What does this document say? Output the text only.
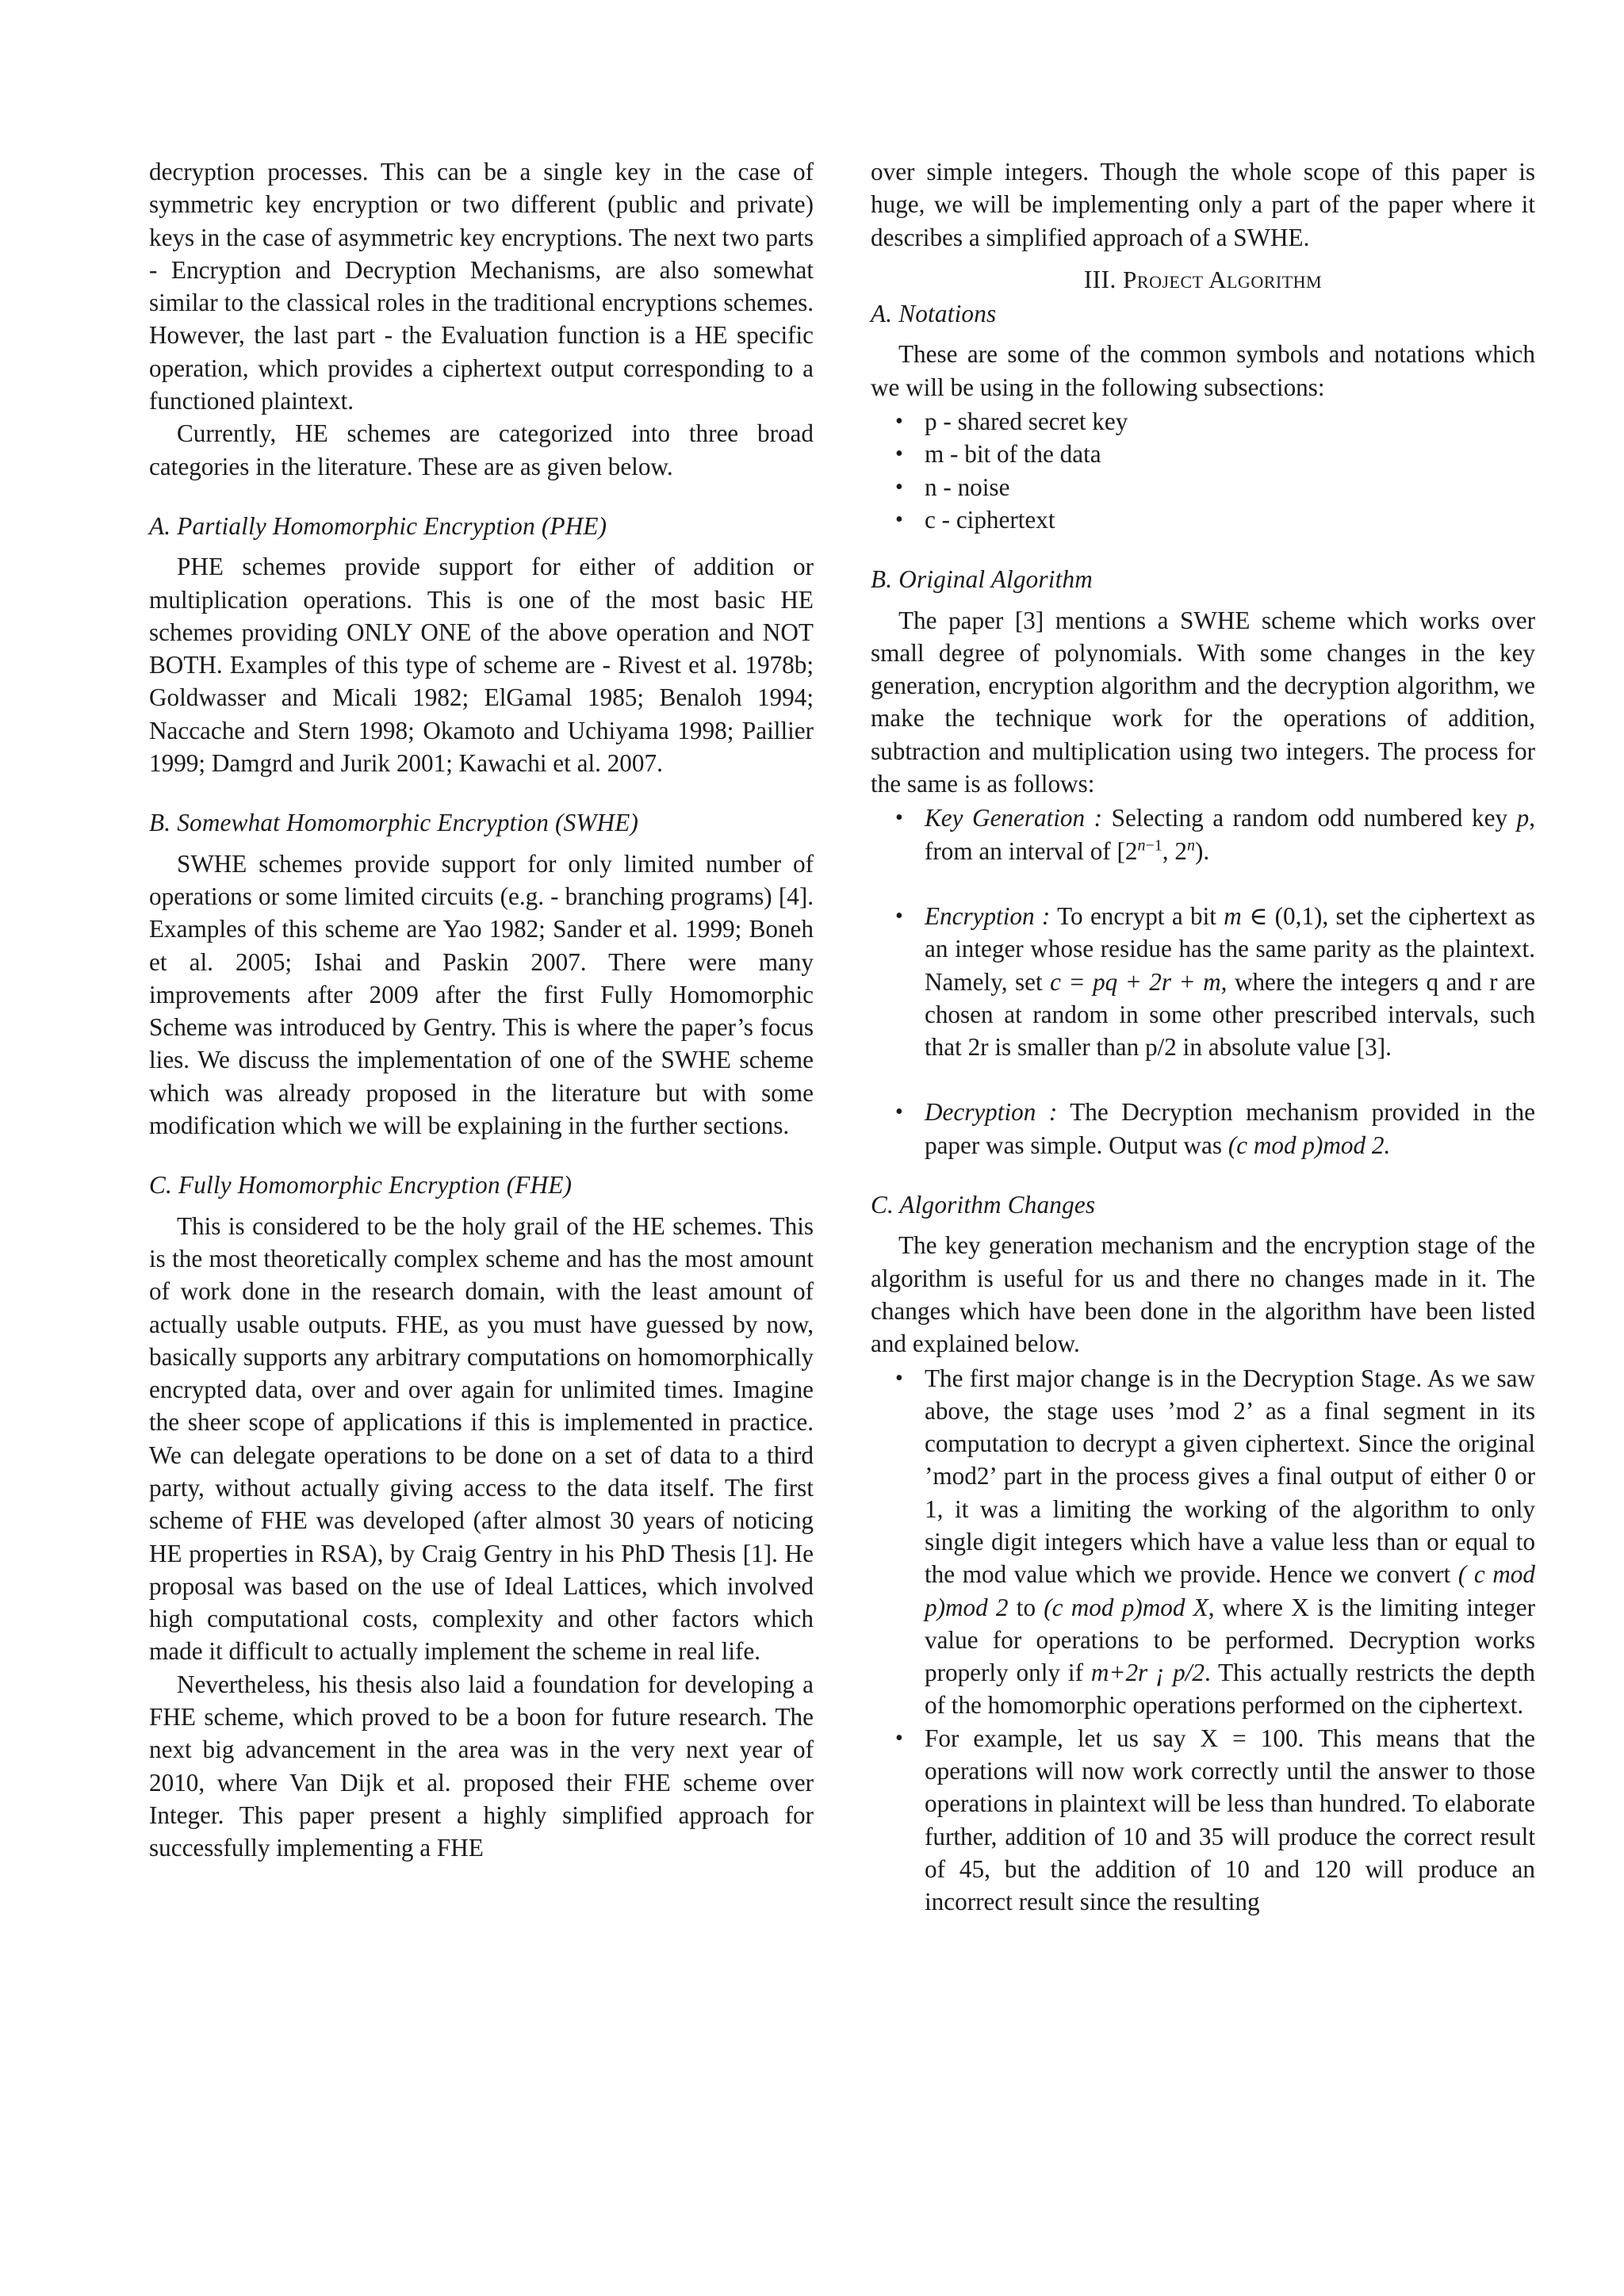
decryption processes. This can be a single key in the case of symmetric key encryption or two different (public and private) keys in the case of asymmetric key encryptions. The next two parts - Encryption and Decryption Mechanisms, are also somewhat similar to the classical roles in the traditional encryptions schemes. However, the last part - the Evaluation function is a HE specific operation, which provides a ciphertext output corresponding to a functioned plaintext.

Currently, HE schemes are categorized into three broad categories in the literature. These are as given below.

A. Partially Homomorphic Encryption (PHE)

PHE schemes provide support for either of addition or multiplication operations. This is one of the most basic HE schemes providing ONLY ONE of the above operation and NOT BOTH. Examples of this type of scheme are - Rivest et al. 1978b; Goldwasser and Micali 1982; ElGamal 1985; Benaloh 1994; Naccache and Stern 1998; Okamoto and Uchiyama 1998; Paillier 1999; Damgrd and Jurik 2001; Kawachi et al. 2007.

B. Somewhat Homomorphic Encryption (SWHE)

SWHE schemes provide support for only limited number of operations or some limited circuits (e.g. - branching programs) [4]. Examples of this scheme are Yao 1982; Sander et al. 1999; Boneh et al. 2005; Ishai and Paskin 2007. There were many improvements after 2009 after the first Fully Homomorphic Scheme was introduced by Gentry. This is where the paper’s focus lies. We discuss the implementation of one of the SWHE scheme which was already proposed in the literature but with some modification which we will be explaining in the further sections.

C. Fully Homomorphic Encryption (FHE)

This is considered to be the holy grail of the HE schemes. This is the most theoretically complex scheme and has the most amount of work done in the research domain, with the least amount of actually usable outputs. FHE, as you must have guessed by now, basically supports any arbitrary computations on homomorphically encrypted data, over and over again for unlimited times. Imagine the sheer scope of applications if this is implemented in practice. We can delegate operations to be done on a set of data to a third party, without actually giving access to the data itself. The first scheme of FHE was developed (after almost 30 years of noticing HE properties in RSA), by Craig Gentry in his PhD Thesis [1]. He proposal was based on the use of Ideal Lattices, which involved high computational costs, complexity and other factors which made it difficult to actually implement the scheme in real life.

Nevertheless, his thesis also laid a foundation for developing a FHE scheme, which proved to be a boon for future research. The next big advancement in the area was in the very next year of 2010, where Van Dijk et al. proposed their FHE scheme over Integer. This paper present a highly simplified approach for successfully implementing a FHE

over simple integers. Though the whole scope of this paper is huge, we will be implementing only a part of the paper where it describes a simplified approach of a SWHE.

III. Project Algorithm
A. Notations

These are some of the common symbols and notations which we will be using in the following subsections:

• p - shared secret key
• m - bit of the data
• n - noise
• c - ciphertext
B. Original Algorithm

The paper [3] mentions a SWHE scheme which works over small degree of polynomials. With some changes in the key generation, encryption algorithm and the decryption algorithm, we make the technique work for the operations of addition, subtraction and multiplication using two integers. The process for the same is as follows:

• Key Generation : Selecting a random odd numbered key p, from an interval of [$2^{n-1}$, 2$^n$).
• Encryption : To encrypt a bit m ∈ (0,1), set the ciphertext as an integer whose residue has the same parity as the plaintext. Namely, set c = pq + 2r + m, where the integers q and r are chosen at random in some other prescribed intervals, such that 2r is smaller than p/2 in absolute value [3].
• Decryption : The Decryption mechanism provided in the paper was simple. Output was (c mod p)mod 2.
C. Algorithm Changes

The key generation mechanism and the encryption stage of the algorithm is useful for us and there no changes made in it. The changes which have been done in the algorithm have been listed and explained below.

• The first major change is in the Decryption Stage. As we saw above, the stage uses ’mod 2’ as a final segment in its computation to decrypt a given ciphertext. Since the original ’mod2’ part in the process gives a final output of either 0 or 1, it was a limiting the working of the algorithm to only single digit integers which have a value less than or equal to the mod value which we provide. Hence we convert ( c mod p)mod 2 to (c mod p)mod X, where X is the limiting integer value for operations to be performed. Decryption works properly only if m+2r ¡ p/2. This actually restricts the depth of the homomorphic operations performed on the ciphertext.
• For example, let us say X = 100. This means that the operations will now work correctly until the answer to those operations in plaintext will be less than hundred. To elaborate further, addition of 10 and 35 will produce the correct result of 45, but the addition of 10 and 120 will produce an incorrect result since the resulting
